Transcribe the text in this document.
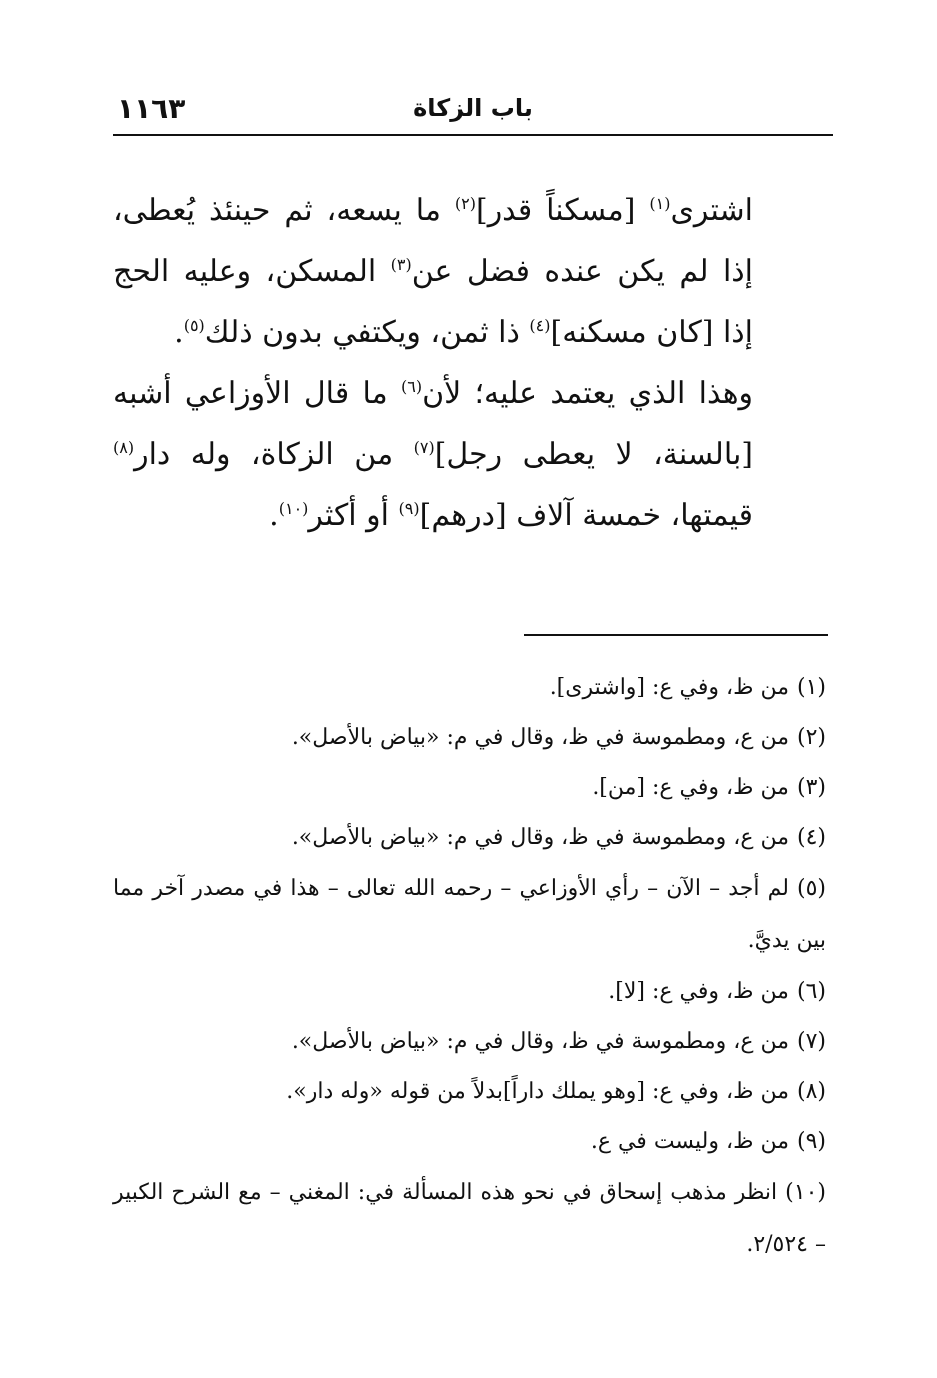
باب الزكاة
١١٦٣

اشترى$^{(١)}$ [مسكناً قدر]$^{(٢)}$ ما يسعه، ثم حينئذ يُعطى، إذا لم يكن عنده فضل عن$^{(٣)}$ المسكن، وعليه الحج إذا [كان مسكنه]$^{(٤)}$ ذا ثمن، ويكتفي بدون ذلك$^{(٥)}$.

وهذا الذي يعتمد عليه؛ لأن$^{(٦)}$ ما قال الأوزاعي أشبه [بالسنة، لا يعطى رجل]$^{(٧)}$ من الزكاة، وله دار$^{(٨)}$ قيمتها، خمسة آلاف [درهم]$^{(٩)}$ أو أكثر$^{(١٠)}$.

(١)من ظ، وفي ع: [واشترى].

(٢)من ع، ومطموسة في ظ، وقال في م: «بياض بالأصل».

(٣)من ظ، وفي ع: [من].

(٤)من ع، ومطموسة في ظ، وقال في م: «بياض بالأصل».

(٥)لم أجد – الآن – رأي الأوزاعي – رحمه الله تعالى – هذا في مصدر آخر مما بين يديَّ.

(٦)من ظ، وفي ع: [لا].

(٧)من ع، ومطموسة في ظ، وقال في م: «بياض بالأصل».

(٨)من ظ، وفي ع: [وهو يملك داراً]بدلاً من قوله «وله دار».

(٩)من ظ، وليست في ع.

(١٠)انظر مذهب إسحاق في نحو هذه المسألة في: المغني – مع الشرح الكبير – ٢/٥٢٤.
